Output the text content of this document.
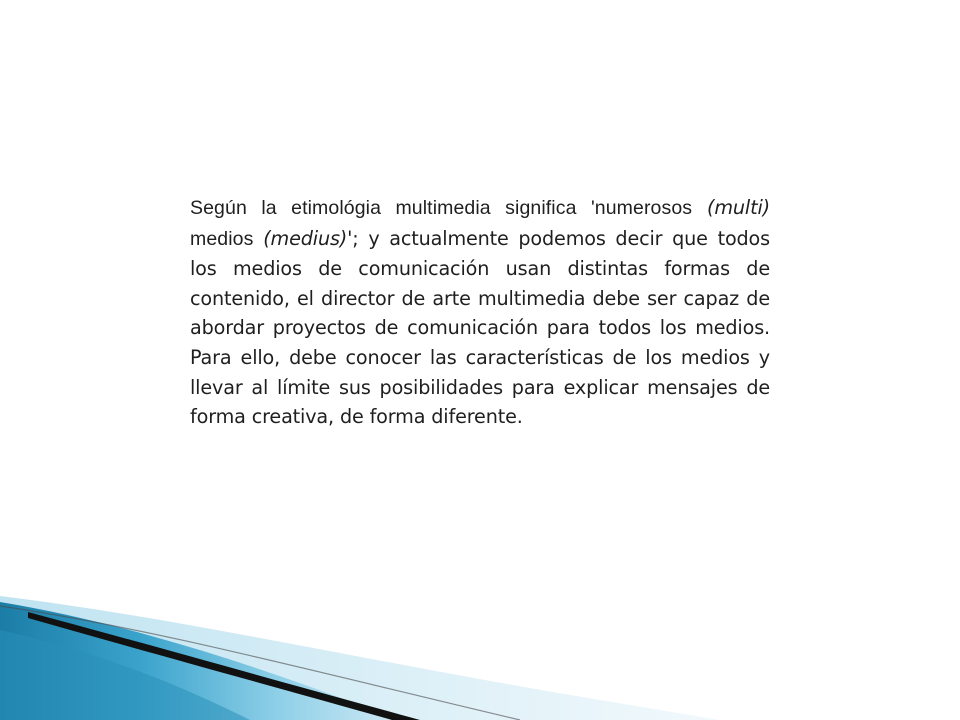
Según la etimológia multimedia significa 'numerosos (multi) medios (medius)'; y actualmente podemos decir que todos los medios de comunicación usan distintas formas de contenido, el director de arte multimedia debe ser capaz de abordar proyectos de comunicación para todos los medios. Para ello, debe conocer las características de los medios y llevar al límite sus posibilidades para explicar mensajes de forma creativa, de forma diferente.
